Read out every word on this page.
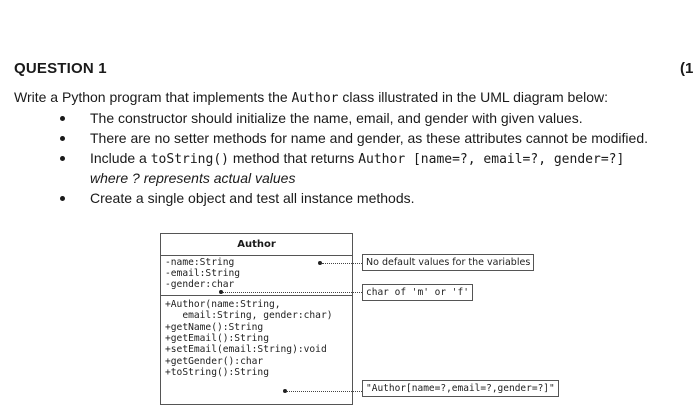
QUESTION 1	(1
Write a Python program that implements the Author class illustrated in the UML diagram below:
The constructor should initialize the name, email, and gender with given values.
There are no setter methods for name and gender, as these attributes cannot be modified.
Include a toString() method that returns Author [name=?, email=?, gender=?]
where ? represents actual values
Create a single object and test all instance methods.
Author
-name:String
-email:String
-gender:char
+Author(name:String,
email:String, gender:char)
+getName():String
+getEmail():String
+setEmail(email:String):void
+getGender():char
+toString():String
No default values for the variables
char of 'm' or 'f'
"Author[name=?,email=?,gender=?]"
